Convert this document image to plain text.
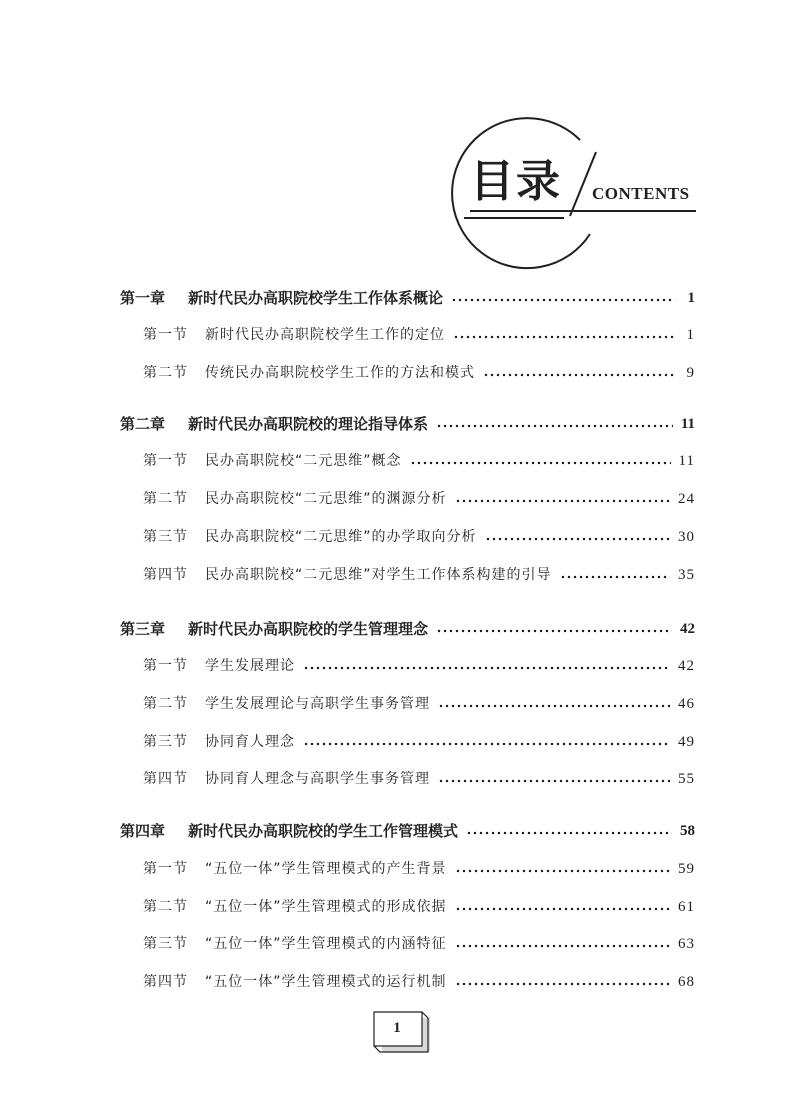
目录 CONTENTS
第一章	新时代民办高职院校学生工作体系概论	1
第一节	新时代民办高职院校学生工作的定位	1
第二节	传统民办高职院校学生工作的方法和模式	9
第二章	新时代民办高职院校的理论指导体系	11
第一节	民办高职院校“二元思维”概念	11
第二节	民办高职院校“二元思维”的渊源分析	24
第三节	民办高职院校“二元思维”的办学取向分析	30
第四节	民办高职院校“二元思维”对学生工作体系构建的引导	35
第三章	新时代民办高职院校的学生管理理念	42
第一节	学生发展理论	42
第二节	学生发展理论与高职学生事务管理	46
第三节	协同育人理念	49
第四节	协同育人理念与高职学生事务管理	55
第四章	新时代民办高职院校的学生工作管理模式	58
第一节	“五位一体”学生管理模式的产生背景	59
第二节	“五位一体”学生管理模式的形成依据	61
第三节	“五位一体”学生管理模式的内涵特征	63
第四节	“五位一体”学生管理模式的运行机制	68
1
